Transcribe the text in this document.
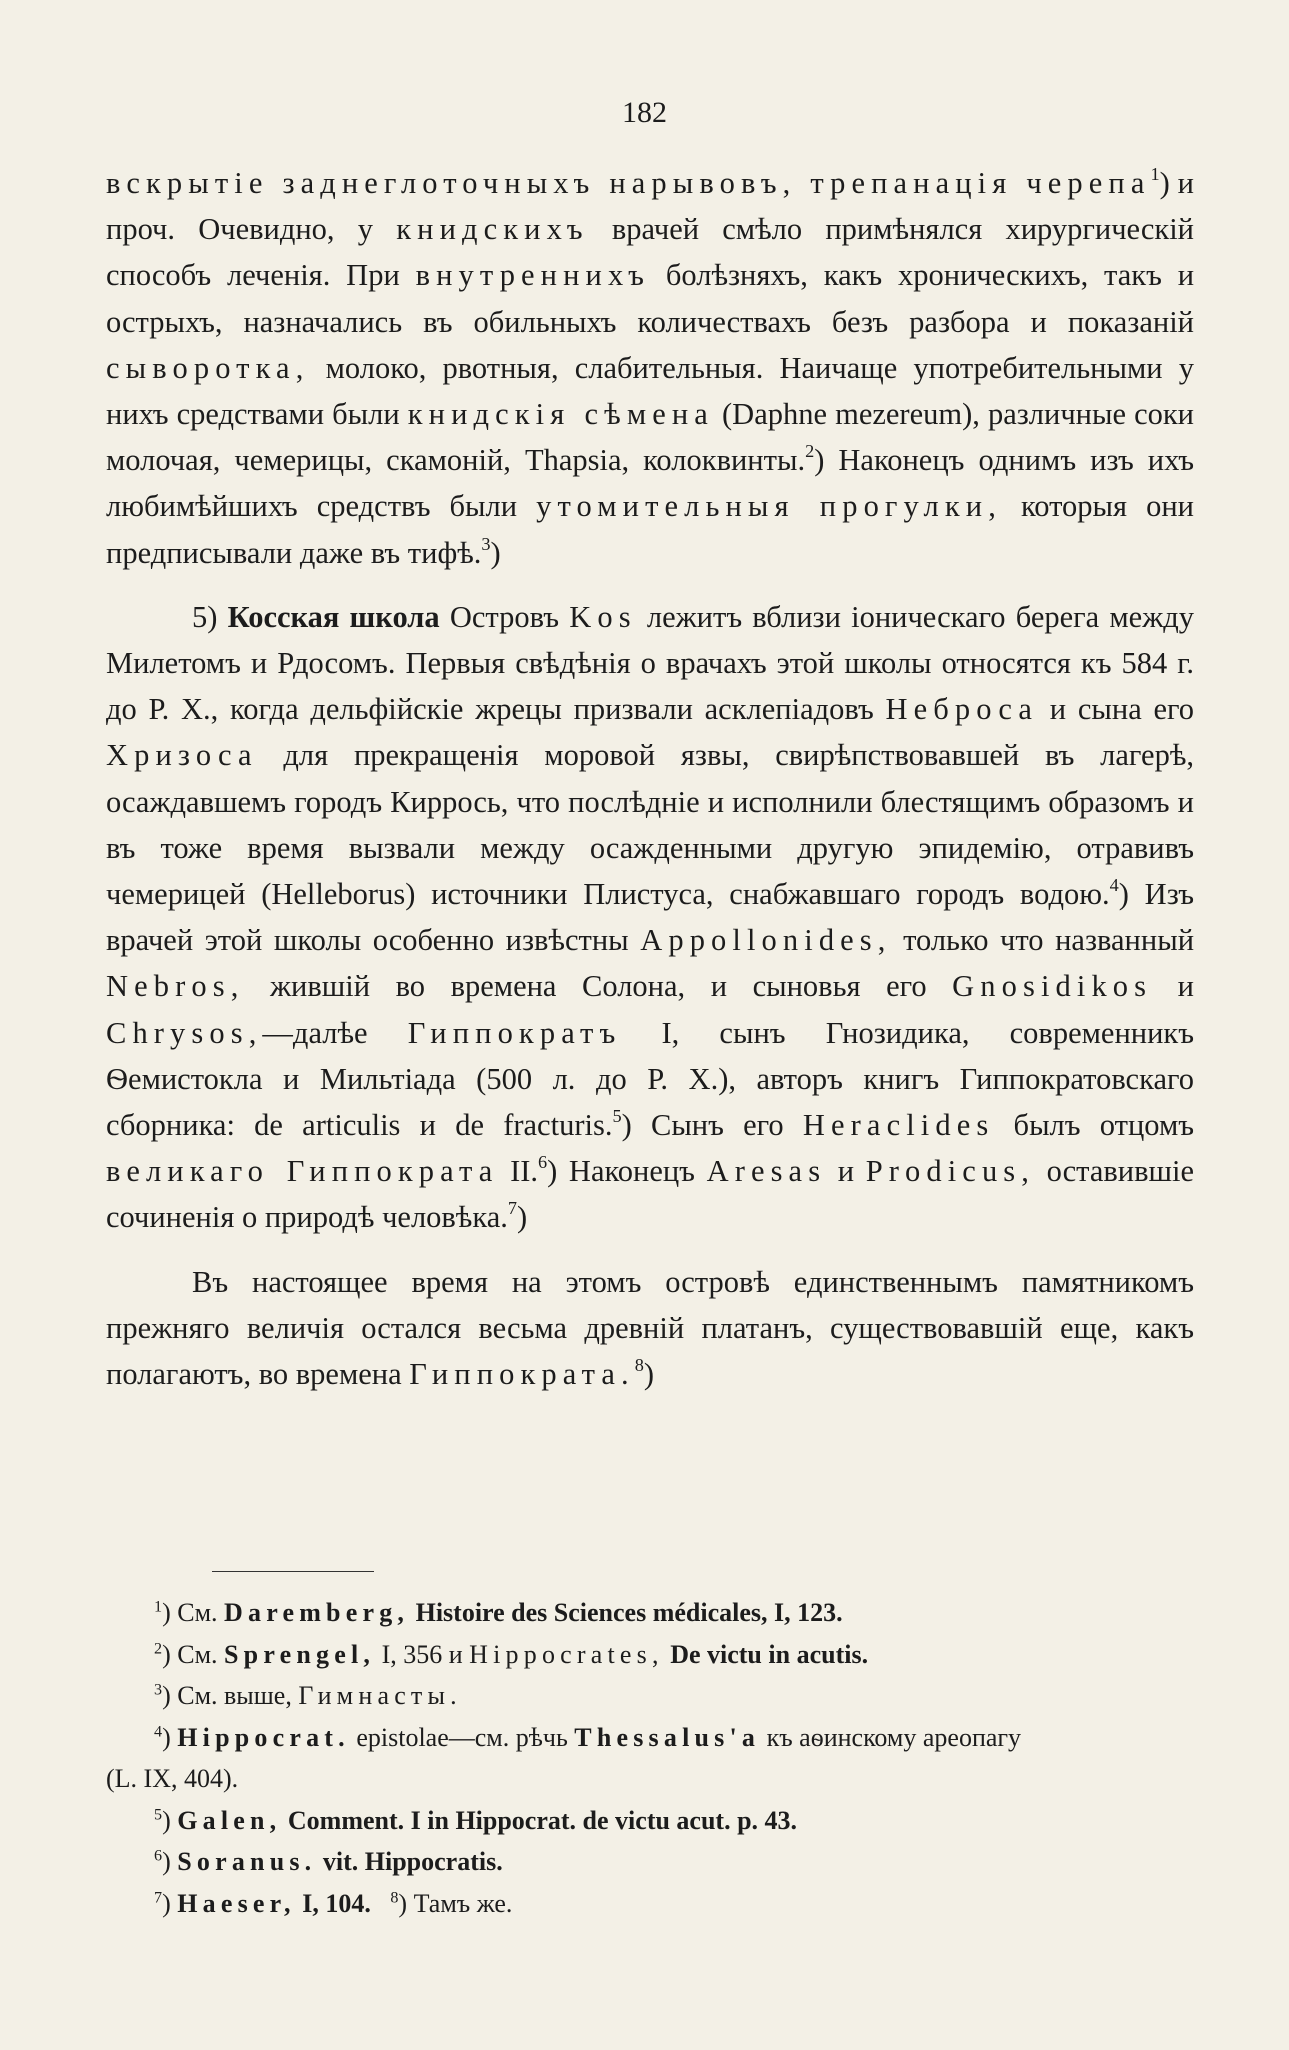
182

вскрытіе заднеглоточныхъ нарывовъ, трепанація черепа$^1$) и проч. Очевидно, у книдскихъ врачей смѣло примѣнялся хирургическій способъ леченія. При внутреннихъ болѣзняхъ, какъ хроническихъ, такъ и острыхъ, назначались въ обильныхъ количествахъ безъ разбора и показаній сыворотка, молоко, рвотныя, слабительныя. Наичаще употребительными у нихъ средствами были книдскія сѣмена (Daphne mezereum), различные соки молочая, чемерицы, скамоній, Thapsia, колоквинты.$^2$) Наконецъ однимъ изъ ихъ любимѣйшихъ средствъ были утомительныя прогулки, которыя они предписывали даже въ тифѣ.$^3$)

5) Косская школа Островъ Kos лежитъ вблизи іоническаго берега между Милетомъ и Рдосомъ. Первыя свѣдѣнія о врачахъ этой школы относятся къ 584 г. до Р. Х., когда дельфійскіе жрецы призвали асклепіадовъ Неброса и сына его Хризоса для прекращенія моровой язвы, свирѣпствовавшей въ лагерѣ, осаждавшемъ городъ Киррось, что послѣдніе и исполнили блестящимъ образомъ и въ тоже время вызвали между осажденными другую эпидемію, отравивъ чемерицей (Helleborus) источники Плистуса, снабжавшаго городъ водою.$^4$) Изъ врачей этой школы особенно извѣстны Appollonides, только что названный Nebros, жившій во времена Солона, и сыновья его Gnosidikos и Chrysos,—далѣе Гиппократъ I, сынъ Гнозидика, современникъ Ѳемистокла и Мильтіада (500 л. до Р. Х.), авторъ книгъ Гиппократовскаго сборника: de articulis и de fracturis.$^5$) Сынъ его Heraclides былъ отцомъ великаго Гиппократа II.$^6$) Наконецъ Aresas и Prodicus, оставившіе сочиненія о природѣ человѣка.$^7$)

Въ настоящее время на этомъ островѣ единственнымъ памятникомъ прежняго величія остался весьма древній платанъ, существовавшій еще, какъ полагаютъ, во времена Гиппократа.$^8$)

$^1$) См. Daremberg, Histoire des Sciences médicales, I, 123.

$^2$) См. Sprengel, I, 356 и Hippocrates, De victu in acutis.

$^3$) См. выше, Гимнасты.

$^4$) Hippocrat. epistolae—см. рѣчь Thessalus'а къ аѳинскому ареопагу

(L. IX, 404).

$^5$) Galen, Comment. I in Hippocrat. de victu acut. p. 43.

$^6$) Soranus. vit. Hippocratis.

$^7$) Haeser, I, 104. $^8$) Тамъ же.
